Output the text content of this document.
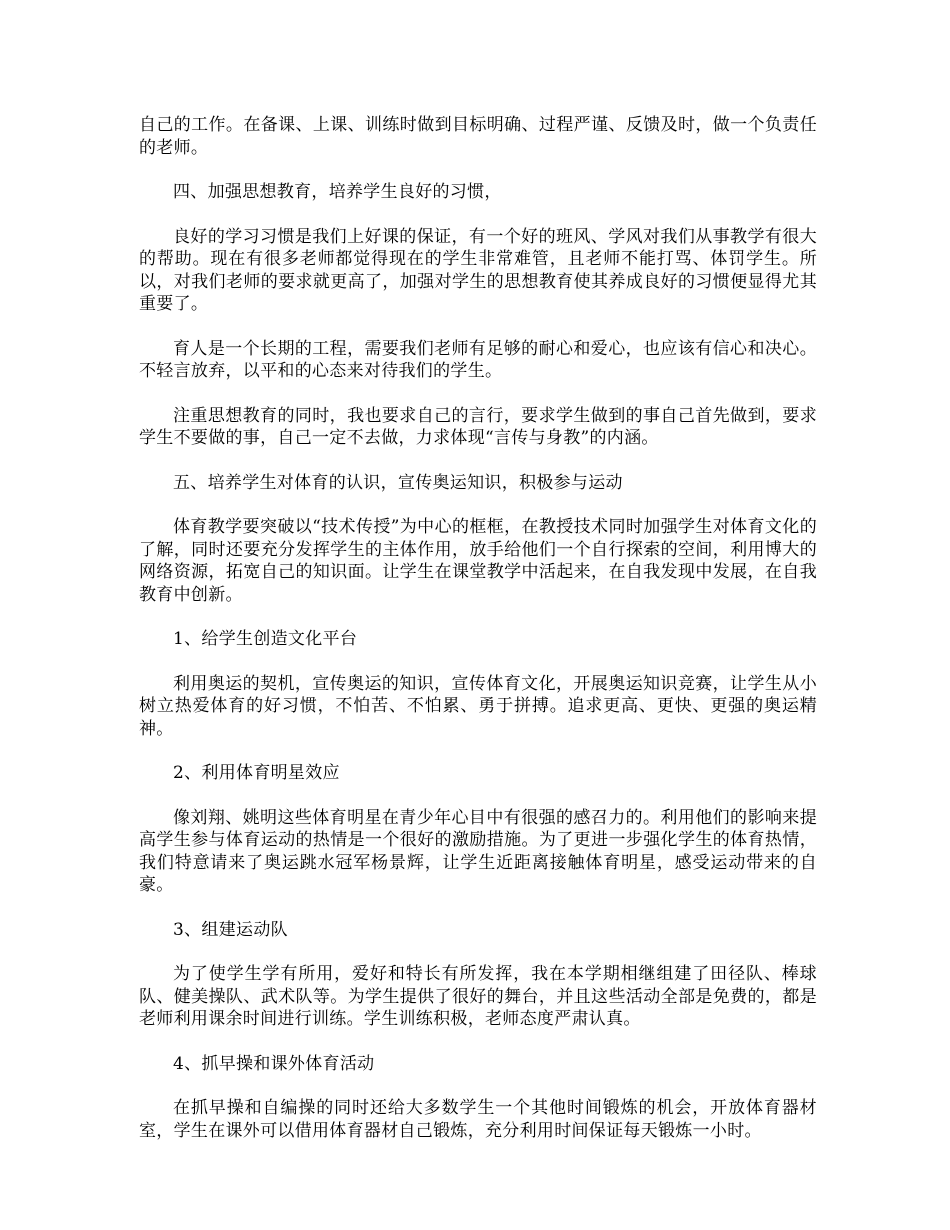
自己的工作。在备课、上课、训练时做到目标明确、过程严谨、反馈及时，做一个负责任的老师。

四、加强思想教育，培养学生良好的习惯，

良好的学习习惯是我们上好课的保证，有一个好的班风、学风对我们从事教学有很大的帮助。现在有很多老师都觉得现在的学生非常难管，且老师不能打骂、体罚学生。所以，对我们老师的要求就更高了，加强对学生的思想教育使其养成良好的习惯便显得尤其重要了。

育人是一个长期的工程，需要我们老师有足够的耐心和爱心，也应该有信心和决心。不轻言放弃，以平和的心态来对待我们的学生。

注重思想教育的同时，我也要求自己的言行，要求学生做到的事自己首先做到，要求学生不要做的事，自己一定不去做，力求体现“言传与身教”的内涵。

五、培养学生对体育的认识，宣传奥运知识，积极参与运动

体育教学要突破以“技术传授”为中心的框框，在教授技术同时加强学生对体育文化的了解，同时还要充分发挥学生的主体作用，放手给他们一个自行探索的空间，利用博大的网络资源，拓宽自己的知识面。让学生在课堂教学中活起来，在自我发现中发展，在自我教育中创新。

1、给学生创造文化平台

利用奥运的契机，宣传奥运的知识，宣传体育文化，开展奥运知识竞赛，让学生从小树立热爱体育的好习惯，不怕苦、不怕累、勇于拼搏。追求更高、更快、更强的奥运精神。

2、利用体育明星效应

像刘翔、姚明这些体育明星在青少年心目中有很强的感召力的。利用他们的影响来提高学生参与体育运动的热情是一个很好的激励措施。为了更进一步强化学生的体育热情，我们特意请来了奥运跳水冠军杨景辉，让学生近距离接触体育明星，感受运动带来的自豪。

3、组建运动队

为了使学生学有所用，爱好和特长有所发挥，我在本学期相继组建了田径队、棒球队、健美操队、武术队等。为学生提供了很好的舞台，并且这些活动全部是免费的，都是老师利用课余时间进行训练。学生训练积极，老师态度严肃认真。

4、抓早操和课外体育活动

在抓早操和自编操的同时还给大多数学生一个其他时间锻炼的机会，开放体育器材室，学生在课外可以借用体育器材自己锻炼，充分利用时间保证每天锻炼一小时。
